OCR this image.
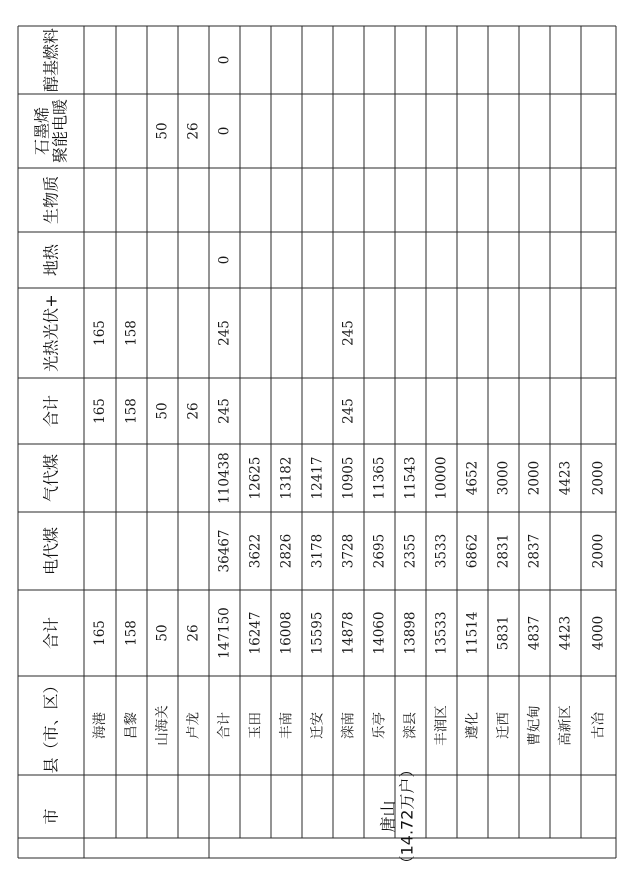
醇基燃料
生物质
地热
光热光伏+
合计
气代煤
电代煤
合计
县（市、区）
市
石墨烯 聚能电暖
唐山 （14.72万户）
165
165
165
海港
158
158
158
昌黎
50
50
50
山海关
26
26
26
卢龙
0
0
0
245
245
110438
36467
147150
合计
12625
3622
16247
玉田
13182
2826
16008
丰南
12417
3178
15595
迁安
245
245
10905
3728
14878
滦南
11365
2695
14060
乐亭
11543
2355
13898
滦县
10000
3533
13533
丰润区
4652
6862
11514
遵化
3000
2831
5831
迁西
2000
2837
4837
曹妃甸
4423
4423
高新区
2000
2000
4000
古冶
